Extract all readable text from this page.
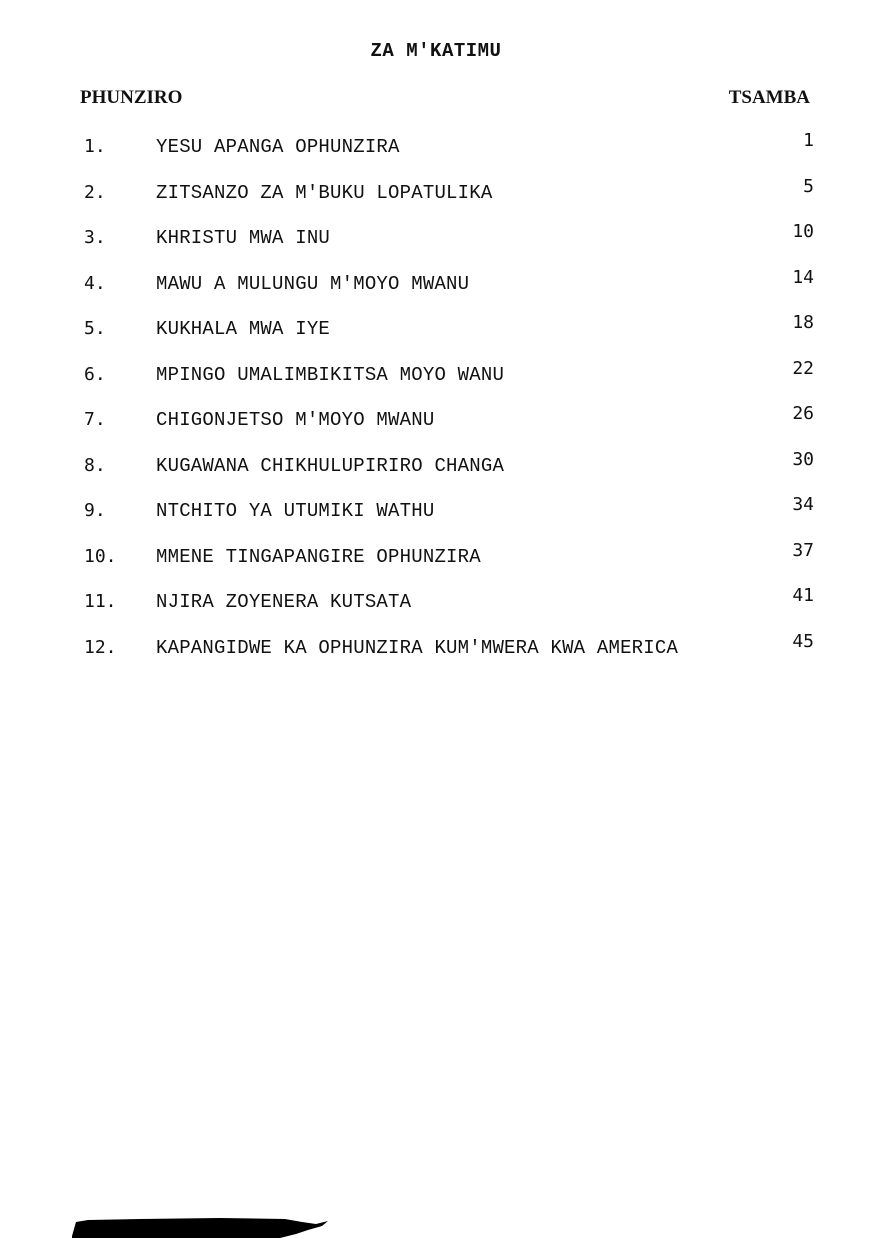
ZA M'KATIMU
PHUNZIRO	TSAMBA
1.	YESU APANGA OPHUNZIRA	1
2.	ZITSANZO ZA M'BUKU LOPATULIKA	5
3.	KHRISTU MWA INU	10
4.	MAWU A MULUNGU M'MOYO MWANU	14
5.	KUKHALA MWA IYE	18
6.	MPINGO UMALIMBIKITSA MOYO WANU	22
7.	CHIGONJETSO M'MOYO MWANU	26
8.	KUGAWANA CHIKHULUPIRIRO CHANGA	30
9.	NTCHITO YA UTUMIKI WATHU	34
10.	MMENE TINGAPANGIRE OPHUNZIRA	37
11.	NJIRA ZOYENERA KUTSATA	41
12.	KAPANGIDWE KA OPHUNZIRA KUM'MWERA KWA AMERICA	45
